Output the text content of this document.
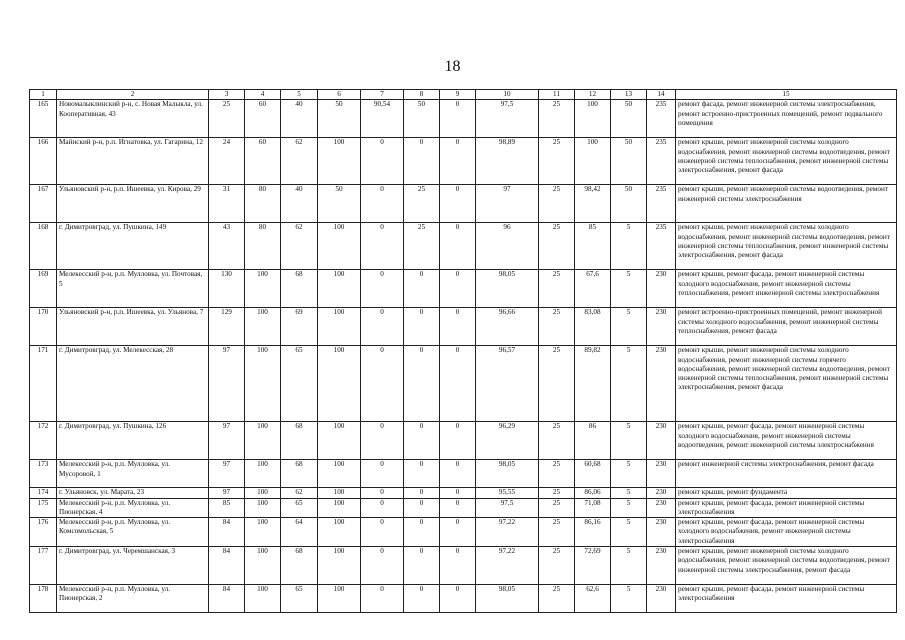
18
1	2	3	4	5	6	7	8	9	10	11	12	13	14	15
165	Новомалыклинский р-н, с. Новая Малыкла, ул. Кооперативная, 43	25	60	40	50	90,54	50	0	97,5	25	100	50	235	ремонт фасада, ремонт инженерной системы электроснабжения, ремонт встроенно-пристроенных помещений, ремонт подвального помещения
166	Майнский р-н, р.п. Игнатовка, ул. Гагарина, 12	24	60	62	100	0	0	0	98,89	25	100	50	235	ремонт крыши, ремонт инженерной системы холодного водоснабжения, ремонт инженерной системы водоотведения, ремонт инженерной системы теплоснабжения, ремонт инженерной системы электроснабжения, ремонт фасада
167	Ульяновский р-н, р.п. Ишеевка, ул. Кирова, 29	31	80	40	50	0	25	0	97	25	98,42	50	235	ремонт крыши, ремонт инженерной системы водоотведения, ремонт инженерной системы электроснабжения
168	г. Димитровград, ул. Пушкина, 149	43	80	62	100	0	25	0	96	25	85	5	235	ремонт крыши, ремонт инженерной системы холодного водоснабжения, ремонт инженерной системы водоотведения, ремонт инженерной системы теплоснабжения, ремонт инженерной системы электроснабжения, ремонт фасада
169	Мелекесский р-н, р.п. Мулловка, ул. Почтовая, 5	130	100	68	100	0	0	0	98,05	25	67,6	5	230	ремонт крыши, ремонт фасада, ремонт инженерной системы холодного водоснабжения, ремонт инженерной системы теплоснабжения, ремонт инженерной системы электроснабжения
170	Ульяновский р-н, р.п. Ишеевка, ул. Ульянова, 7	129	100	69	100	0	0	0	96,66	25	83,08	5	230	ремонт встроенно-пристроенных помещений, ремонт инженерной системы холодного водоснабжения, ремонт инженерной системы теплоснабжения, ремонт фасада
171	г. Димитровград, ул. Мелекесская, 28	97	100	65	100	0	0	0	96,57	25	89,82	5	230	ремонт крыши, ремонт инженерной системы холодного водоснабжения, ремонт инженерной системы горячего водоснабжения, ремонт инженерной системы водоотведения, ремонт инженерной системы теплоснабжения, ремонт инженерной системы электроснабжения, ремонт фасада
172	г. Димитровград, ул. Пушкина, 126	97	100	68	100	0	0	0	96,29	25	86	5	230	ремонт крыши, ремонт фасада, ремонт инженерной системы холодного водоснабжения, ремонт инженерной системы водоотведения, ремонт инженерной системы электроснабжения
173	Мелекесский р-н, р.п. Мулловка, ул. Мусоровой, 1	97	100	68	100	0	0	0	98,05	25	60,68	5	230	ремонт инженерной системы электроснабжения, ремонт фасада
174	г. Ульяновск, ул. Марата, 23	97	100	62	100	0	0	0	95,55	25	86,06	5	230	ремонт крыши, ремонт фундамента
175	Мелекесский р-н, р.п. Мулловка, ул. Пионерская, 4	85	100	65	100	0	0	0	97,5	25	71,08	5	230	ремонт крыши, ремонт фасада, ремонт инженерной системы электроснабжения
176	Мелекесский р-н, р.п. Мулловка, ул. Комсомольская, 5	84	100	64	100	0	0	0	97,22	25	86,16	5	230	ремонт крыши, ремонт фасада, ремонт инженерной системы холодного водоснабжения, ремонт инженерной системы электроснабжения
177	г. Димитровград, ул. Черемшанская, 3	84	100	68	100	0	0	0	97,22	25	72,69	5	230	ремонт крыши, ремонт инженерной системы холодного водоснабжения, ремонт инженерной системы водоотведения, ремонт инженерной системы электроснабжения, ремонт фасада
178	Мелекесский р-н, р.п. Мулловка, ул. Пионерская, 2	84	100	65	100	0	0	0	98,05	25	62,6	5	230	ремонт крыши, ремонт фасада, ремонт инженерной системы электроснабжения
